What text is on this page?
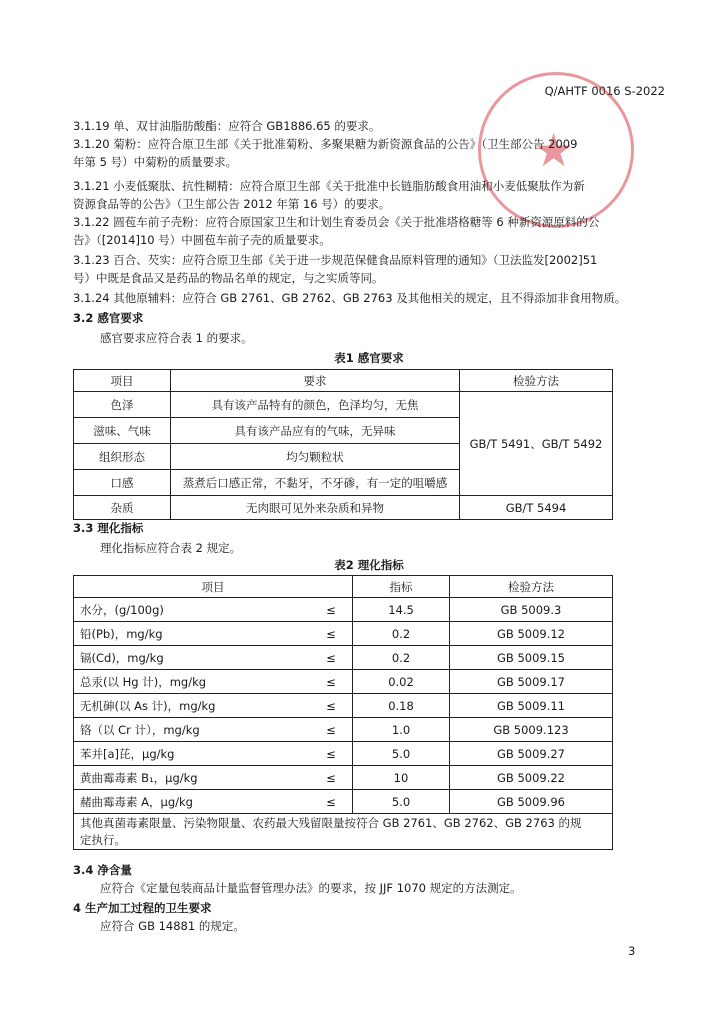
Q/AHTF 0016 S-2022
★
3.1.19 单、双甘油脂肪酸酯：应符合 GB1886.65 的要求。
3.1.20 菊粉：应符合原卫生部《关于批准菊粉、多聚果糖为新资源食品的公告》（卫生部公告 2009
年第 5 号）中菊粉的质量要求。
3.1.21 小麦低聚肽、抗性糊精：应符合原卫生部《关于批准中长链脂肪酸食用油和小麦低聚肽作为新
资源食品等的公告》（卫生部公告 2012 年第 16 号）的要求。
3.1.22 圆苞车前子壳粉：应符合原国家卫生和计划生育委员会《关于批准塔格糖等 6 种新资源原料的公
告》（[2014]10 号）中圆苞车前子壳的质量要求。
3.1.23 百合、芡实：应符合原卫生部《关于进一步规范保健食品原料管理的通知》（卫法监发[2002]51
号）中既是食品又是药品的物品名单的规定，与之实质等同。
3.1.24 其他原辅料：应符合 GB 2761、GB 2762、GB 2763 及其他相关的规定，且不得添加非食用物质。
3.2 感官要求
感官要求应符合表 1 的要求。
表1 感官要求
项目	要求	检验方法
色泽	具有该产品特有的颜色，色泽均匀，无焦	GB/T 5491、GB/T 5492
滋味、气味	具有该产品应有的气味，无异味	
组织形态	均匀颗粒状	
口感	蒸煮后口感正常，不黏牙，不牙碜，有一定的咀嚼感	
杂质	无肉眼可见外来杂质和异物	GB/T 5494
3.3 理化指标
理化指标应符合表 2 规定。
表2 理化指标
项目		指标	检验方法
水分，(g/100g)	≤	14.5	GB 5009.3
铅(Pb)，mg/kg	≤	0.2	GB 5009.12
镉(Cd)，mg/kg	≤	0.2	GB 5009.15
总汞(以 Hg 计)，mg/kg	≤	0.02	GB 5009.17
无机砷(以 As 计)，mg/kg	≤	0.18	GB 5009.11
铬（以 Cr 计），mg/kg	≤	1.0	GB 5009.123
苯并[a]芘，μg/kg	≤	5.0	GB 5009.27
黄曲霉毒素 B₁，μg/kg	≤	10	GB 5009.22
赭曲霉毒素 A，μg/kg	≤	5.0	GB 5009.96

其他真菌毒素限量、污染物限量、农药最大残留限量按符合 GB 2761、GB 2762、GB 2763 的规
定执行。			
3.4 净含量
应符合《定量包装商品计量监督管理办法》的要求，按 JJF 1070 规定的方法测定。
4 生产加工过程的卫生要求
应符合 GB 14881 的规定。
3
